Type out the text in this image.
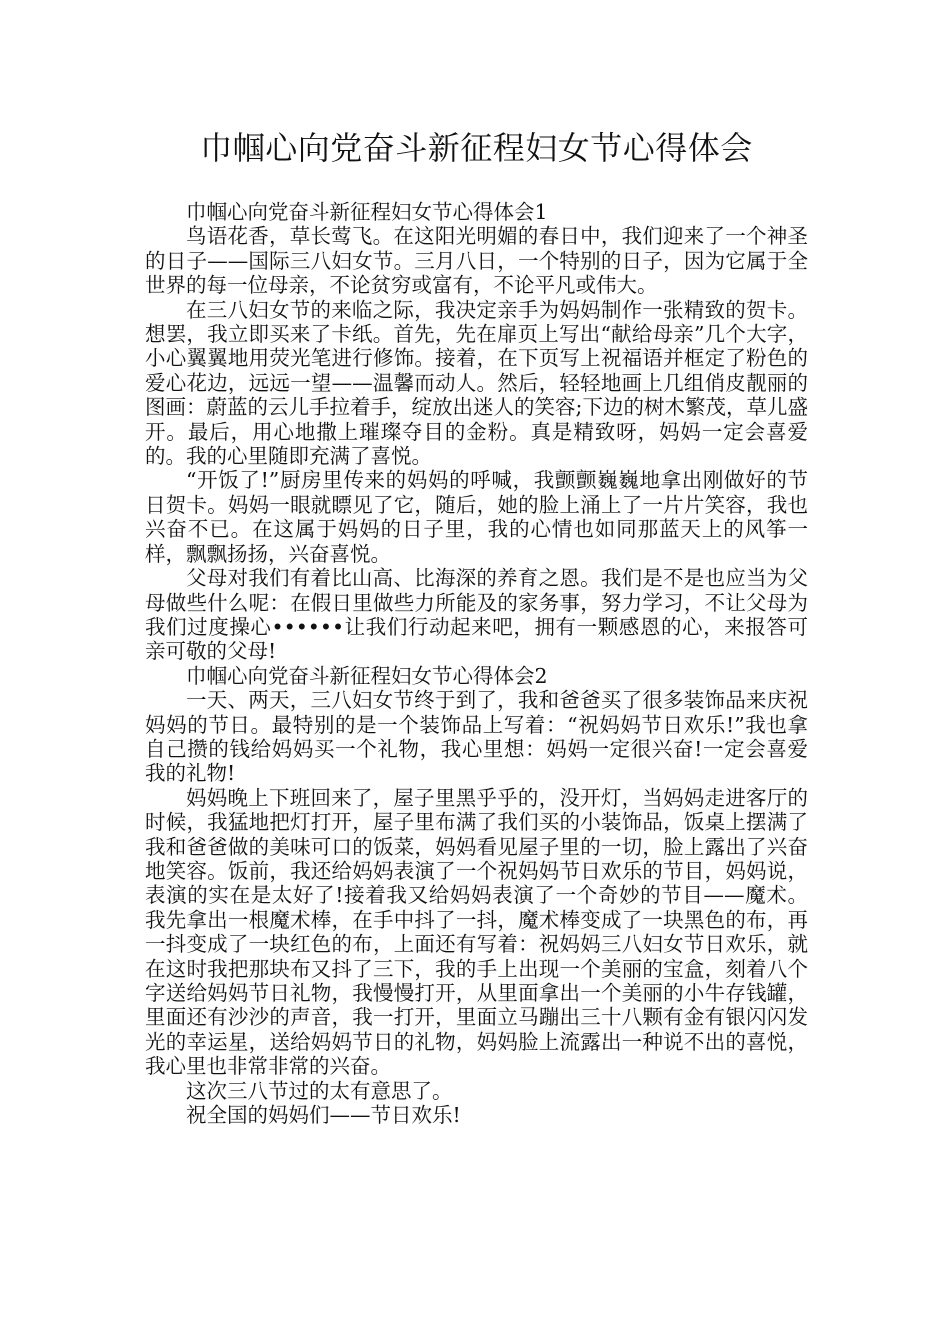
巾帼心向党奋斗新征程妇女节心得体会

巾帼心向党奋斗新征程妇女节心得体会1

鸟语花香，草长莺飞。在这阳光明媚的春日中，我们迎来了一个神圣的日子——国际三八妇女节。三月八日，一个特别的日子，因为它属于全世界的每一位母亲，不论贫穷或富有，不论平凡或伟大。

在三八妇女节的来临之际，我决定亲手为妈妈制作一张精致的贺卡。想罢，我立即买来了卡纸。首先，先在扉页上写出“献给母亲”几个大字，小心翼翼地用荧光笔进行修饰。接着，在下页写上祝福语并框定了粉色的爱心花边，远远一望——温馨而动人。然后，轻轻地画上几组俏皮靓丽的图画：蔚蓝的云儿手拉着手，绽放出迷人的笑容;下边的树木繁茂，草儿盛开。最后，用心地撒上璀璨夺目的金粉。真是精致呀，妈妈一定会喜爱的。我的心里随即充满了喜悦。

“开饭了!”厨房里传来的妈妈的呼喊，我颤颤巍巍地拿出刚做好的节日贺卡。妈妈一眼就瞟见了它，随后，她的脸上涌上了一片片笑容，我也兴奋不已。在这属于妈妈的日子里，我的心情也如同那蓝天上的风筝一样，飘飘扬扬，兴奋喜悦。

父母对我们有着比山高、比海深的养育之恩。我们是不是也应当为父母做些什么呢：在假日里做些力所能及的家务事，努力学习，不让父母为我们过度操心••••••让我们行动起来吧，拥有一颗感恩的心，来报答可亲可敬的父母!

巾帼心向党奋斗新征程妇女节心得体会2

一天、两天，三八妇女节终于到了，我和爸爸买了很多装饰品来庆祝妈妈的节日。最特别的是一个装饰品上写着：“祝妈妈节日欢乐!”我也拿自己攒的钱给妈妈买一个礼物，我心里想：妈妈一定很兴奋!一定会喜爱我的礼物!

妈妈晚上下班回来了，屋子里黑乎乎的，没开灯，当妈妈走进客厅的时候，我猛地把灯打开，屋子里布满了我们买的小装饰品，饭桌上摆满了我和爸爸做的美味可口的饭菜，妈妈看见屋子里的一切，脸上露出了兴奋地笑容。饭前，我还给妈妈表演了一个祝妈妈节日欢乐的节目，妈妈说，表演的实在是太好了!接着我又给妈妈表演了一个奇妙的节目——魔术。我先拿出一根魔术棒，在手中抖了一抖，魔术棒变成了一块黑色的布，再一抖变成了一块红色的布，上面还有写着：祝妈妈三八妇女节日欢乐，就在这时我把那块布又抖了三下，我的手上出现一个美丽的宝盒，刻着八个字送给妈妈节日礼物，我慢慢打开，从里面拿出一个美丽的小牛存钱罐，里面还有沙沙的声音，我一打开，里面立马蹦出三十八颗有金有银闪闪发光的幸运星，送给妈妈节日的礼物，妈妈脸上流露出一种说不出的喜悦，我心里也非常非常的兴奋。

这次三八节过的太有意思了。

祝全国的妈妈们——节日欢乐!
